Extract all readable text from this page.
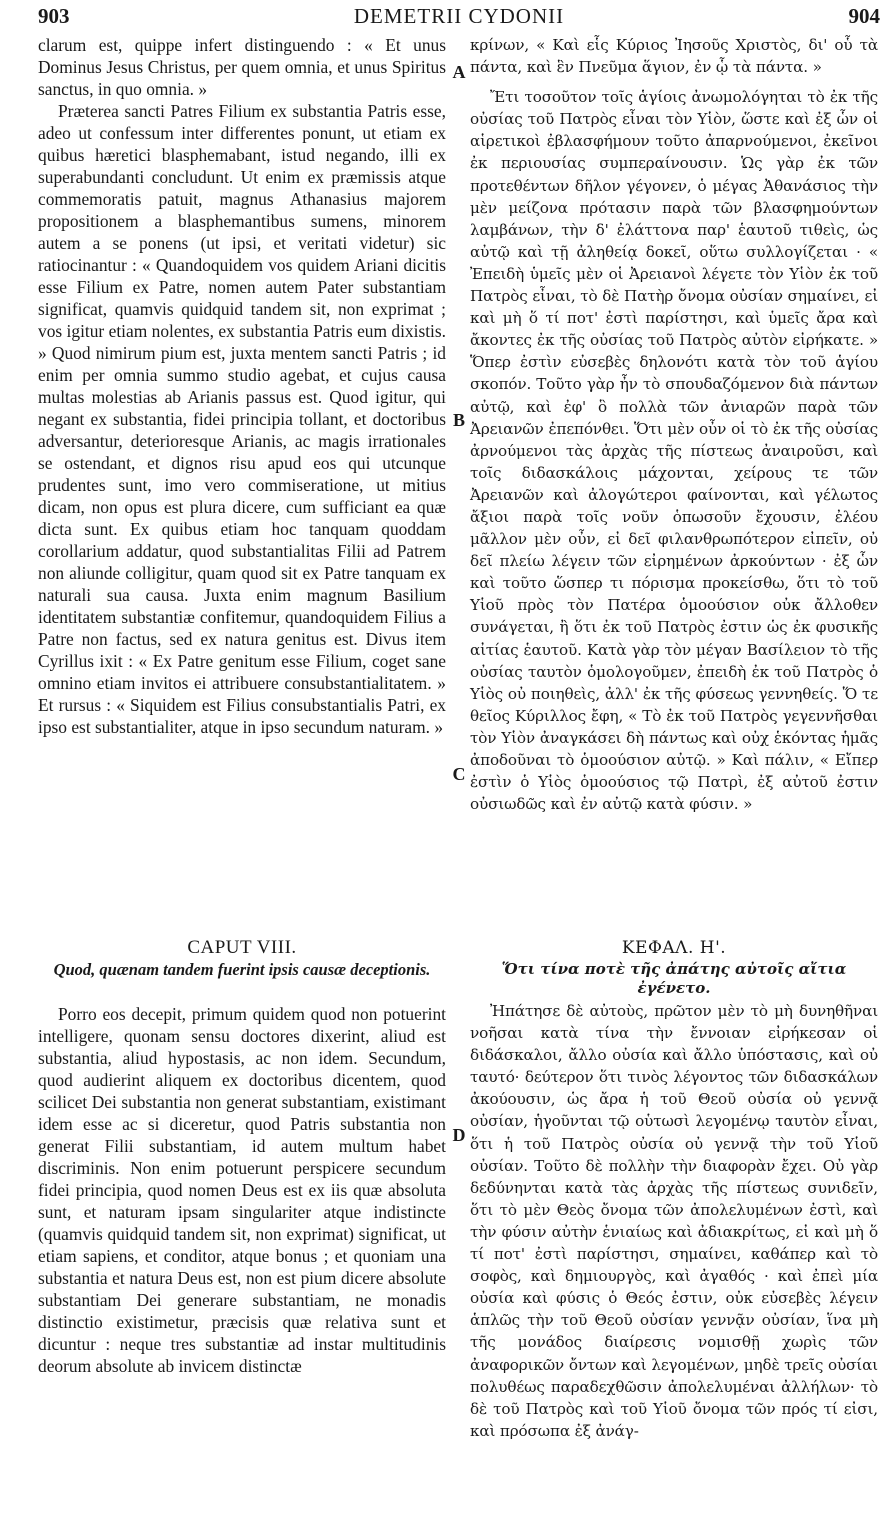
903	DEMETRII CYDONII	904
A
B
C
D

clarum est, quippe infert distinguendo : « Et unus Dominus Jesus Christus, per quem omnia, et unus Spiritus sanctus, in quo omnia. »

Præterea sancti Patres Filium ex substantia Patris esse, adeo ut confessum inter differentes ponunt, ut etiam ex quibus hæretici blasphemabant, istud negando, illi ex superabundanti concludunt. Ut enim ex præmissis atque commemoratis patuit, magnus Athanasius majorem propositionem a blasphemantibus sumens, minorem autem a se ponens (ut ipsi, et veritati videtur) sic ratiocinantur : « Quandoquidem vos quidem Ariani dicitis esse Filium ex Patre, nomen autem Pater substantiam significat, quamvis quidquid tandem sit, non exprimat ; vos igitur etiam nolentes, ex substantia Patris eum dixistis. » Quod nimirum pium est, juxta mentem sancti Patris ; id enim per omnia summo studio agebat, et cujus causa multas molestias ab Arianis passus est. Quod igitur, qui negant ex substantia, fidei principia tollant, et doctoribus adversantur, deterioresque Arianis, ac magis irrationales se ostendant, et dignos risu apud eos qui utcunque prudentes sunt, imo vero commiseratione, ut mitius dicam, non opus est plura dicere, cum sufficiant ea quæ dicta sunt. Ex quibus etiam hoc tanquam quoddam corollarium addatur, quod substantialitas Filii ad Patrem non aliunde colligitur, quam quod sit ex Patre tanquam ex naturali sua causa. Juxta enim magnum Basilium identitatem substantiæ confitemur, quandoquidem Filius a Patre non factus, sed ex natura genitus est. Divus item Cyrillus ixit : « Ex Patre genitum esse Filium, coget sane omnino etiam invitos ei attribuere consubstantialitatem. » Et rursus : « Siquidem est Filius consubstantialis Patri, ex ipso est substantialiter, atque in ipso secundum naturam. »

κρίνων, « Καὶ εἷς Κύριος Ἰησοῦς Χριστὸς, δι' οὗ τὰ πάντα, καὶ ἓν Πνεῦμα ἅγιον, ἐν ᾧ τὰ πάντα. »

Ἔτι τοσοῦτον τοῖς ἁγίοις ἀνωμολόγηται τὸ ἐκ τῆς οὐσίας τοῦ Πατρὸς εἶναι τὸν Υἱὸν, ὥστε καὶ ἐξ ὧν οἱ αἱρετικοὶ ἐβλασφήμουν τοῦτο ἀπαρνούμενοι, ἐκεῖνοι ἐκ περιουσίας συμπεραίνουσιν. Ὡς γὰρ ἐκ τῶν προτεθέντων δῆλον γέγονεν, ὁ μέγας Ἀθανάσιος τὴν μὲν μείζονα πρότασιν παρὰ τῶν βλασφημούντων λαμβάνων, τὴν δ' ἐλάττονα παρ' ἑαυτοῦ τιθεὶς, ὡς αὐτῷ καὶ τῇ ἀληθείᾳ δοκεῖ, οὕτω συλλογίζεται · « Ἐπειδὴ ὑμεῖς μὲν οἱ Ἀρειανοὶ λέγετε τὸν Υἱὸν ἐκ τοῦ Πατρὸς εἶναι, τὸ δὲ Πατὴρ ὄνομα οὐσίαν σημαίνει, εἰ καὶ μὴ ὅ τί ποτ' ἐστὶ παρίστησι, καὶ ὑμεῖς ἄρα καὶ ἄκοντες ἐκ τῆς οὐσίας τοῦ Πατρὸς αὐτὸν εἰρήκατε. » Ὅπερ ἐστὶν εὐσεβὲς δηλονότι κατὰ τὸν τοῦ ἁγίου σκοπόν. Τοῦτο γὰρ ἦν τὸ σπουδαζόμενον διὰ πάντων αὐτῷ, καὶ ἐφ' ὃ πολλὰ τῶν ἀνιαρῶν παρὰ τῶν Ἀρειανῶν ἐπεπόνθει. Ὅτι μὲν οὖν οἱ τὸ ἐκ τῆς οὐσίας ἀρνούμενοι τὰς ἀρχὰς τῆς πίστεως ἀναιροῦσι, καὶ τοῖς διδασκάλοις μάχονται, χείρους τε τῶν Ἀρειανῶν καὶ ἀλογώτεροι φαίνονται, καὶ γέλωτος ἄξιοι παρὰ τοῖς νοῦν ὁπωσοῦν ἔχουσιν, ἐλέου μᾶλλον μὲν οὖν, εἰ δεῖ φιλανθρωπότερον εἰπεῖν, οὐ δεῖ πλείω λέγειν τῶν εἰρημένων ἀρκούντων · ἐξ ὧν καὶ τοῦτο ὥσπερ τι πόρισμα προκείσθω, ὅτι τὸ τοῦ Υἱοῦ πρὸς τὸν Πατέρα ὁμοούσιον οὐκ ἄλλοθεν συνάγεται, ἢ ὅτι ἐκ τοῦ Πατρὸς ἐστιν ὡς ἐκ φυσικῆς αἰτίας ἑαυτοῦ. Κατὰ γὰρ τὸν μέγαν Βασίλειον τὸ τῆς οὐσίας ταυτὸν ὁμολογοῦμεν, ἐπειδὴ ἐκ τοῦ Πατρὸς ὁ Υἱὸς οὐ ποιηθεὶς, ἀλλ' ἐκ τῆς φύσεως γεννηθείς. Ὅ τε θεῖος Κύριλλος ἔφη, « Τὸ ἐκ τοῦ Πατρὸς γεγεννῆσθαι τὸν Υἱὸν ἀναγκάσει δὴ πάντως καὶ οὐχ ἑκόντας ἡμᾶς ἀποδοῦναι τὸ ὁμοούσιον αὐτῷ. » Καὶ πάλιν, « Εἴπερ ἐστὶν ὁ Υἱὸς ὁμοούσιος τῷ Πατρὶ, ἐξ αὐτοῦ ἐστιν οὐσιωδῶς καὶ ἐν αὐτῷ κατὰ φύσιν. »

CAPUT VIII.
Quod, quænam tandem fuerint ipsis causæ deceptionis.
ΚΕΦΑΛ. Η'.
Ὅτι τίνα ποτὲ τῆς ἀπάτης αὐτοῖς αἴτια ἐγένετο.

Porro eos decepit, primum quidem quod non potuerint intelligere, quonam sensu doctores dixerint, aliud est substantia, aliud hypostasis, ac non idem. Secundum, quod audierint aliquem ex doctoribus dicentem, quod scilicet Dei substantia non generat substantiam, existimant idem esse ac si diceretur, quod Patris substantia non generat Filii substantiam, id autem multum habet discriminis. Non enim potuerunt perspicere secundum fidei principia, quod nomen Deus est ex iis quæ absoluta sunt, et naturam ipsam singulariter atque indistincte (quamvis quidquid tandem sit, non exprimat) significat, ut etiam sapiens, et conditor, atque bonus ; et quoniam una substantia et natura Deus est, non est pium dicere absolute substantiam Dei generare substantiam, ne monadis distinctio existimetur, præcisis quæ relativa sunt et dicuntur : neque tres substantiæ ad instar multitudinis deorum absolute ab invicem distinctæ

Ἠπάτησε δὲ αὐτοὺς, πρῶτον μὲν τὸ μὴ δυνηθῆναι νοῆσαι κατὰ τίνα τὴν ἔννοιαν εἰρήκεσαν οἱ διδάσκαλοι, ἄλλο οὐσία καὶ ἄλλο ὑπόστασις, καὶ οὐ ταυτό· δεύτερον ὅτι τινὸς λέγοντος τῶν διδασκάλων ἀκούουσιν, ὡς ἄρα ἡ τοῦ Θεοῦ οὐσία οὐ γεννᾷ οὐσίαν, ἡγοῦνται τῷ οὑτωσὶ λεγομένῳ ταυτὸν εἶναι, ὅτι ἡ τοῦ Πατρὸς οὐσία οὐ γεννᾷ τὴν τοῦ Υἱοῦ οὐσίαν. Τοῦτο δὲ πολλὴν τὴν διαφορὰν ἔχει. Οὐ γὰρ δεδύνηνται κατὰ τὰς ἀρχὰς τῆς πίστεως συνιδεῖν, ὅτι τὸ μὲν Θεὸς ὄνομα τῶν ἀπολελυμένων ἐστὶ, καὶ τὴν φύσιν αὐτὴν ἑνιαίως καὶ ἀδιακρίτως, εἰ καὶ μὴ ὅ τί ποτ' ἐστὶ παρίστησι, σημαίνει, καθάπερ καὶ τὸ σοφὸς, καὶ δημιουργὸς, καὶ ἀγαθός · καὶ ἐπεὶ μία οὐσία καὶ φύσις ὁ Θεός ἐστιν, οὐκ εὐσεβὲς λέγειν ἁπλῶς τὴν τοῦ Θεοῦ οὐσίαν γεννᾷν οὐσίαν, ἵνα μὴ τῆς μονάδος διαίρεσις νομισθῇ χωρὶς τῶν ἀναφορικῶν ὄντων καὶ λεγομένων, μηδὲ τρεῖς οὐσίαι πολυθέως παραδεχθῶσιν ἀπολελυμέναι ἀλλήλων· τὸ δὲ τοῦ Πατρὸς καὶ τοῦ Υἱοῦ ὄνομα τῶν πρός τί εἰσι, καὶ πρόσωπα ἐξ ἀνάγ-
